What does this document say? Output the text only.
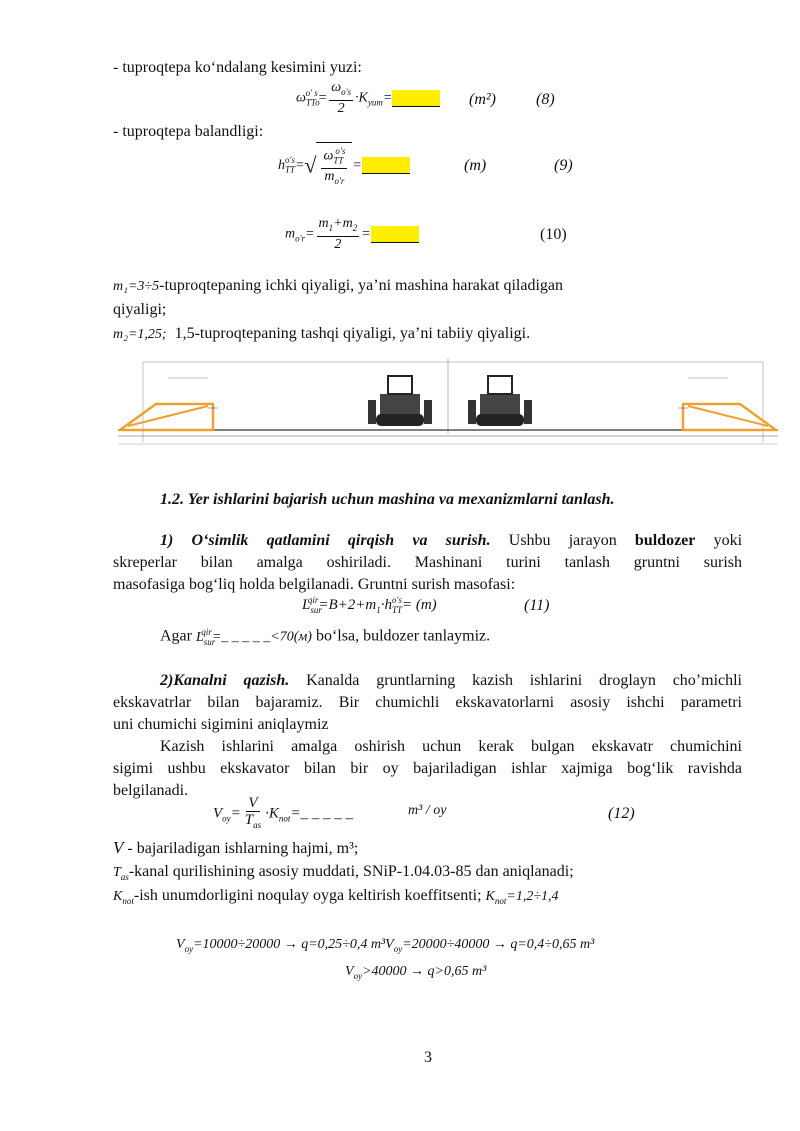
- tuproqtepa ko‘ndalang kesimini yuzi:
$\omega_{TTo}^{o' s}= \frac{\omega_{o's}}{2} \cdot K_{yum}=$	(m²) (8)
- tuproqtepa balandligi:
$h_{TT}^{o's}=√ \frac{\omega_{TT}^{o's}}{m_{o'r}}$ =	(m)	(9)
$m_{o'r}= \frac{m_1+m_2}{2}$ =	(10)
m₁=3÷5-tuproqtepaning ichki qiyaligi, ya’ni mashina harakat qiladigan
qiyaligi;
m₂=1,25; 1,5-tuproqtepaning tashqi qiyaligi, ya’ni tabiiy qiyaligi.
1.2. Yer ishlarini bajarish uchun mashina va mexanizmlarni tanlash.
1) O‘simlik qatlamini qirqish va surish. Ushbu jarayon buldozer yoki
skreperlar bilan amalga oshiriladi. Mashinani turini tanlash gruntni surish
masofasiga bog‘liq holda belgilanadi. Gruntni surish masofasi:
$L_{sur}^{qir}=B+2+m_1\cdot h_{TT}^{o's}= (m)$	(11)
Agar $L_{sur}^{qir}=\_$ _ _ _ _<70(м) bo‘lsa, buldozer tanlaymiz.
2)Kanalni qazish. Kanalda gruntlarning kazish ishlarini droglayn cho’michli
ekskavatrlar bilan bajaramiz. Bir chumichli ekskavatorlarni asosiy ishchi parametri
uni chumichi sigimini aniqlaymiz
Kazish ishlarini amalga oshirish uchun kerak bulgan ekskavatr chumichini
sigimi ushbu ekskavator bilan bir oy bajariladigan ishlar xajmiga bog‘lik ravishda
belgilanadi.
$V_{oy}= \frac{V}{T_{as}}$ $\cdot K_{not}=\_$ _ _ _ _	m³ / oy	(12)
V - bajariladigan ishlarning hajmi, m³;
$T_{as}$-kanal qurilishining asosiy muddati, SNiP-1.04.03-85 dan aniqlanadi;
$K_{not}$-ish unumdorligini noqulay oyga keltirish koeffitsenti; $K_{not}=1,2\div 1,4$
$V_{oy}=10000\div 20000 \to q=0,25\div 0,4$ $m^3V_{oy}=20000\div 40000 \to q=0,4\div 0,65$ m³
$V_{oy}>40000 \to q>0,65$ m³
3
